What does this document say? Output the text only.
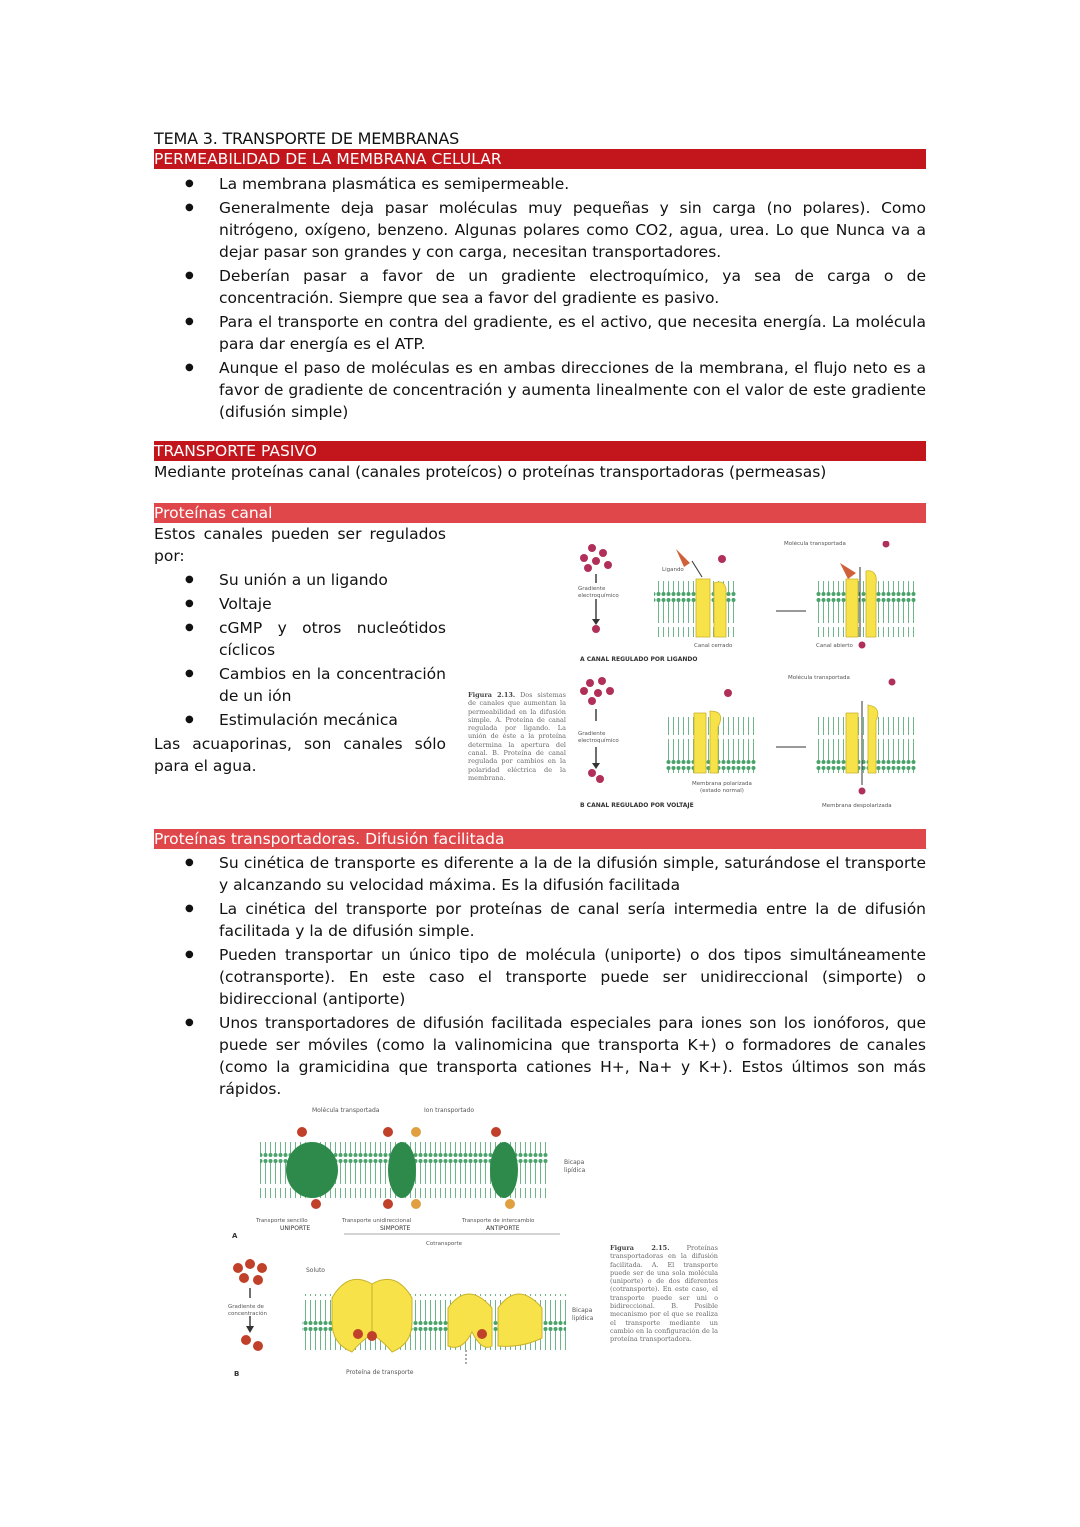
TEMA 3. TRANSPORTE DE MEMBRANAS
PERMEABILIDAD DE LA MEMBRANA CELULAR
● La membrana plasmática es semipermeable.
● Generalmente deja pasar moléculas muy pequeñas y sin carga (no polares). Como nitrógeno, oxígeno, benzeno. Algunas polares como CO2, agua, urea. Lo que Nunca va a dejar pasar son grandes y con carga, necesitan transportadores.
● Deberían pasar a favor de un gradiente electroquímico, ya sea de carga o de concentración. Siempre que sea a favor del gradiente es pasivo.
● Para el transporte en contra del gradiente, es el activo, que necesita energía. La molécula para dar energía es el ATP.
● Aunque el paso de moléculas es en ambas direcciones de la membrana, el flujo neto es a favor de gradiente de concentración y aumenta linealmente con el valor de este gradiente (difusión simple)
TRANSPORTE PASIVO

Mediante proteínas canal (canales proteícos) o proteínas transportadoras (permeasas)

Proteínas canal

Estos canales pueden ser regulados por:

● Su unión a un ligando
● Voltaje
● cGMP y otros nucleótidos cíclicos
● Cambios en la concentración de un ión
● Estimulación mecánica

Las acuaporinas, son canales sólo para el agua.

Figura 2.13. Dos sistemas de canales que aumentan la permeabilidad en la difusión simple. A. Proteína de canal regulada por ligando. La unión de éste a la proteína determina la apertura del canal. B. Proteína de canal regulada por cambios en la polaridad eléctrica de la membrana.
Gradiente
electroquímico
Ligando
Canal cerrado
Molécula transportada
Canal abierto
A CANAL REGULADO POR LIGANDO
Gradiente
electroquímico
Membrana polarizada
(estado normal)
Molécula transportada
Membrana despolarizada
B CANAL REGULADO POR VOLTAJE
Proteínas transportadoras. Difusión facilitada
● Su cinética de transporte es diferente a la de la difusión simple, saturándose el transporte y alcanzando su velocidad máxima. Es la difusión facilitada
● La cinética del transporte por proteínas de canal sería intermedia entre la de difusión facilitada y la de difusión simple.
● Pueden transportar un único tipo de molécula (uniporte) o dos tipos simultáneamente (cotransporte). En este caso el transporte puede ser unidireccional (simporte) o bidireccional (antiporte)
● Unos transportadores de difusión facilitada especiales para iones son los ionóforos, que puede ser móviles (como la valinomicina que transporta K+) o formadores de canales (como la gramicidina que transporta cationes H+, Na+ y K+). Estos últimos son más rápidos.
Molécula transportada	Ion transportado
Bicapa
lipídica
Transporte sencillo
UNIPORTE
Transporte unidireccional
SIMPORTE
Transporte de intercambio
ANTIPORTE
Cotransporte
A
Gradiente de
concentración
Soluto
Bicapa
lipídica
Proteína de transporte
B
Figura 2.15.	Proteínas transportadoras en la difusión facilitada. A. El transporte puede ser de una sola molécula (uniporte) o de dos diferentes (cotransporte). En este caso, el transporte puede ser uni o bidireccional. B. Posible mecanismo por el que se realiza el transporte mediante un cambio en la configuración de la proteína transportadora.
